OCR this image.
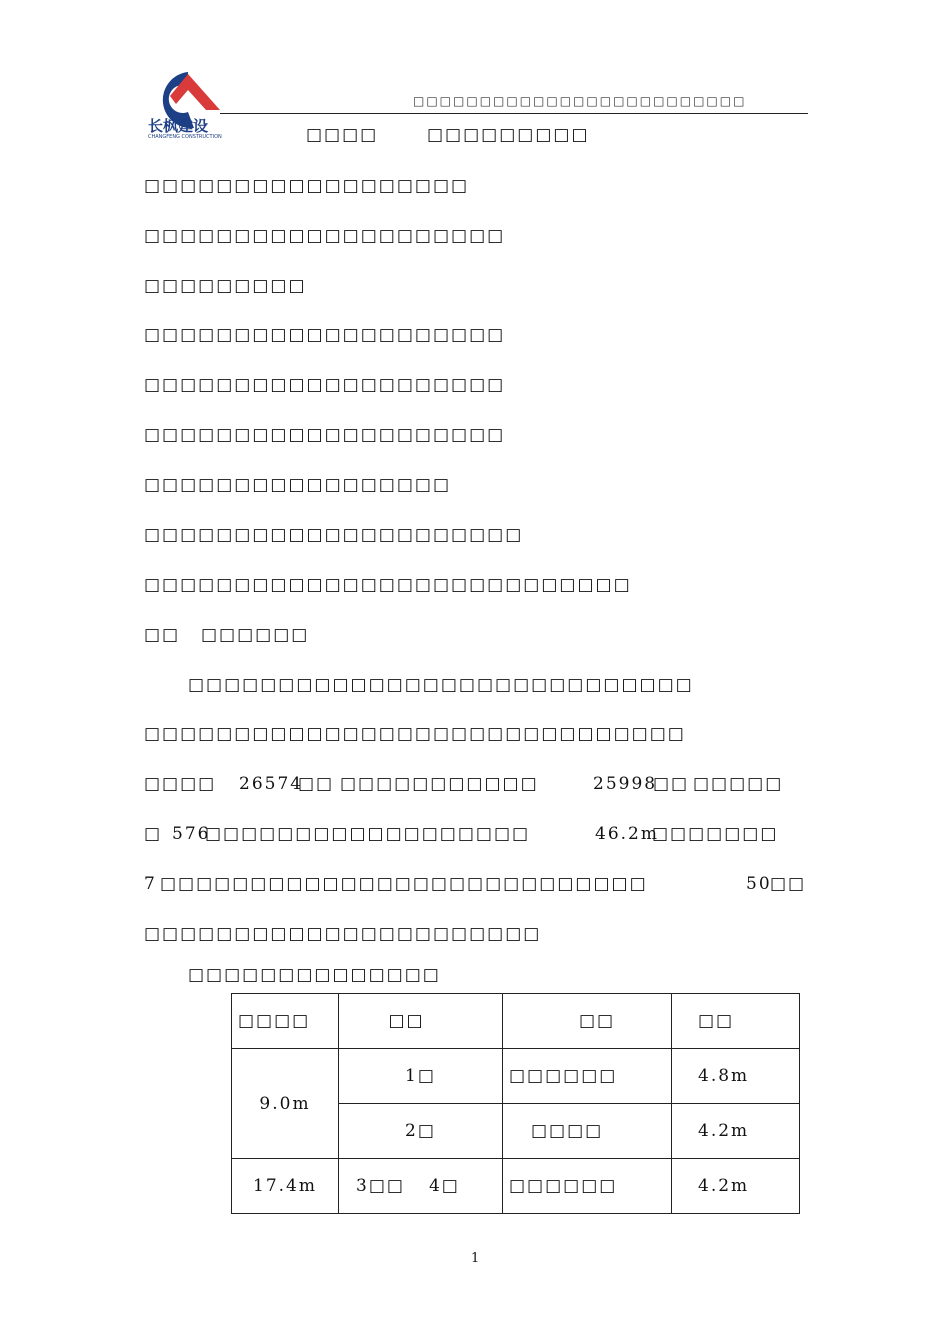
长枫建设
CHANGFENG CONSTRUCTION
□□□□□□□□□□□□□□□□□□□□□□□□□
□□□□	□□□□□□□□□
□□□□□□□□□□□□□□□□□□
□□□□□□□□□□□□□□□□□□□□
□□□□□□□□□
□□□□□□□□□□□□□□□□□□□□
□□□□□□□□□□□□□□□□□□□□
□□□□□□□□□□□□□□□□□□□□
□□□□□□□□□□□□□□□□□
□□□□□□□□□□□□□□□□□□□□□
□□□□□□□□□□□□□□□□□□□□□□□□□□□
□□ □□□□□□
□□□□□□□□□□□□□□□□□□□□□□□□□□□□
□□□□□□□□□□□□□□□□□□□□□□□□□□□□□□
□□□□ 26574
□□ □□□□□□□□□□□	25998
□□ □□□□□
□ 576
□□□□□□□□□□□□□□□□□□	46.2m
□□□□□□□
7 □□□□□□□□□□□□□□□□□□□□□□□□□□□	50
□□
□□□□□□□□□□□□□□□□□□□□□□
□□□□□□□□□□□□□□
□□□□	□□	□□	□□
9.0m	1□	□□□□□□	4.8m
	2□	□□□□	4.2m
17.4m	3□□ 4□	□□□□□□	4.2m
1
